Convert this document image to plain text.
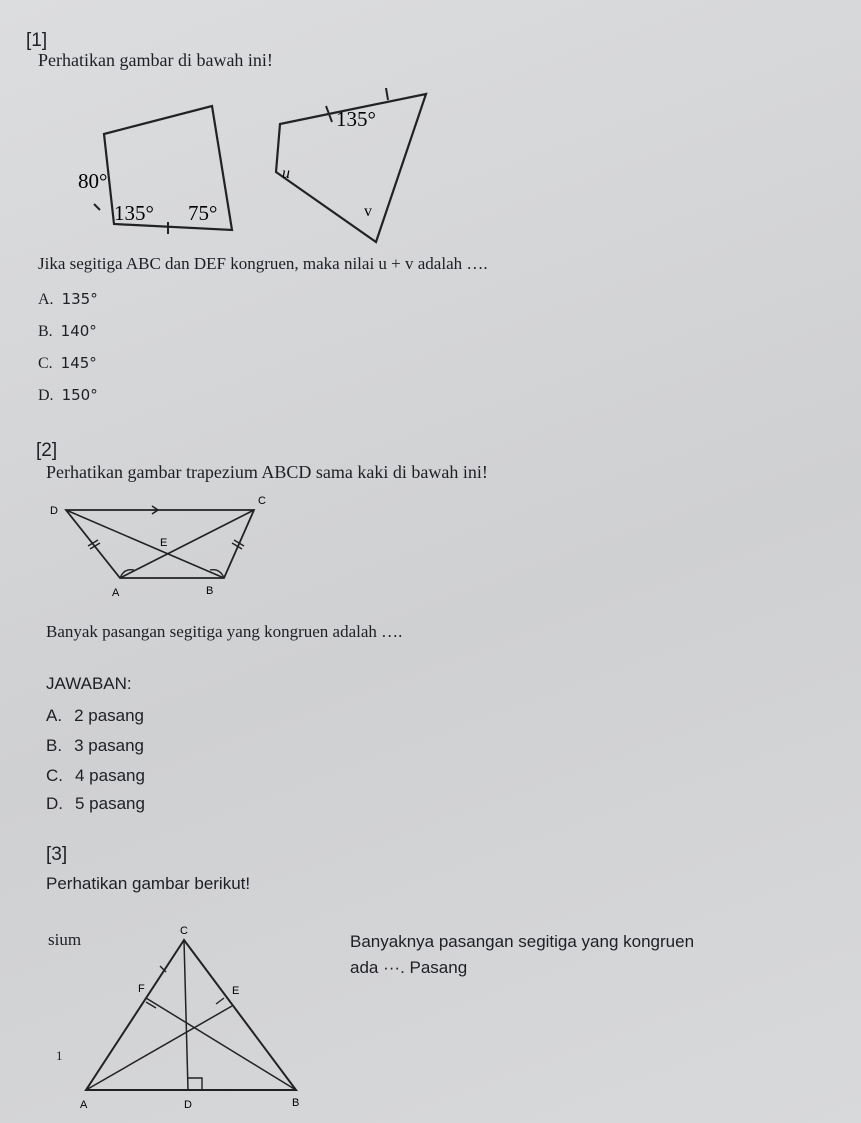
[1]
Perhatikan gambar di bawah ini!
80°
135° 75°
135°
u
v
Jika segitiga ABC dan DEF kongruen, maka nilai u + v adalah ….
A. 135°
B. 140°
C. 145°
D. 150°
[2]
Perhatikan gambar trapezium ABCD sama kaki di bawah ini!
D
C
E
A	B
Banyak pasangan segitiga yang kongruen adalah ….
JAWABAN:
A. 2 pasang
B. 3 pasang
C. 4 pasang
D. 5 pasang
[3]
Perhatikan gambar berikut!
sium
1
C
F	E
A	D	B
Banyaknya pasangan segitiga yang kongruen
ada ···. Pasang
